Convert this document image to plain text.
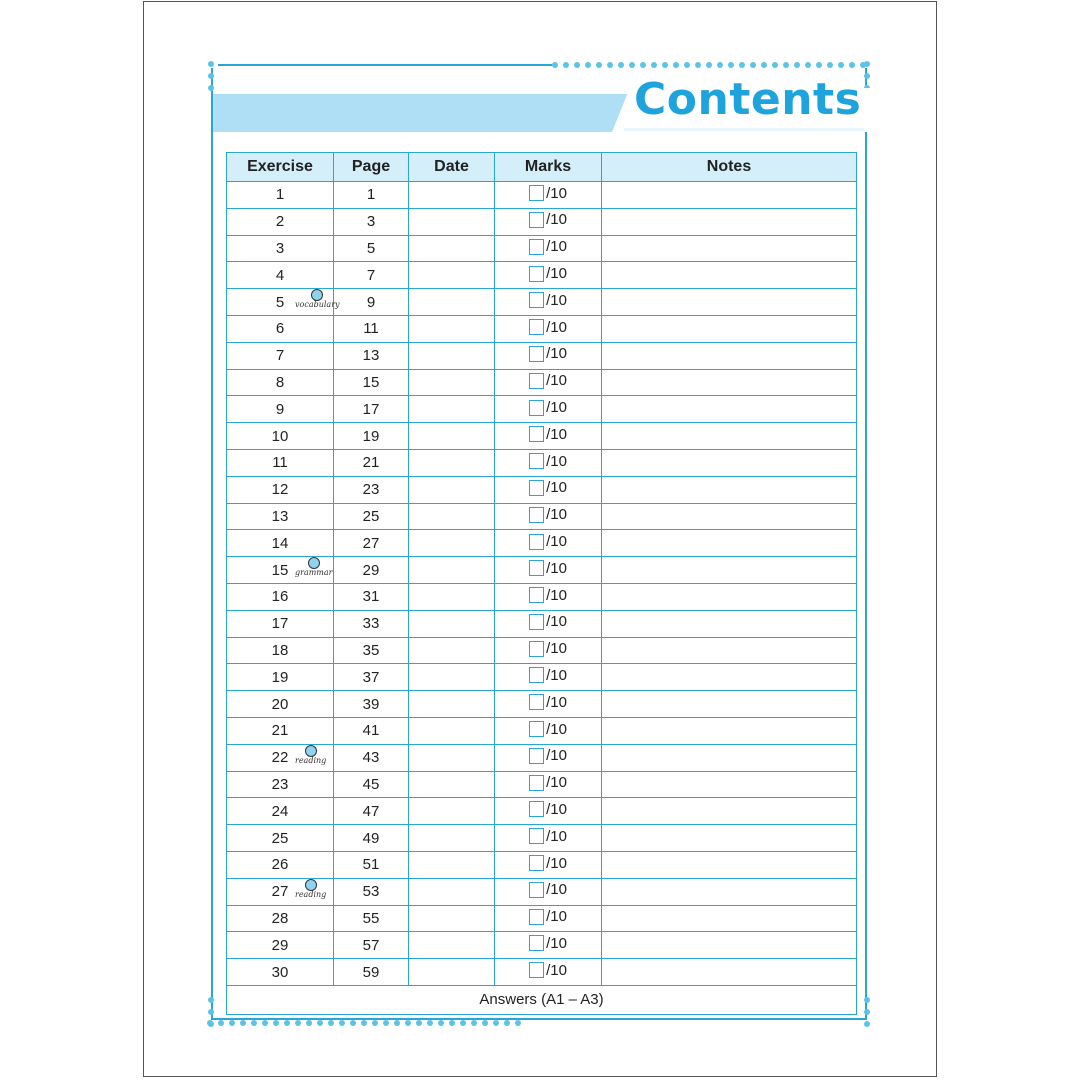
Contents
Exercise	Page	Date	Marks	Notes
1	1		/10	

2	3		/10	

3	5		/10	

4	7		/10	

5 vocabulary	9		/10	

6	11		/10	

7	13		/10	

8	15		/10	

9	17		/10	

10	19		/10	

11	21		/10	

12	23		/10	

13	25		/10	

14	27		/10	

15 grammar	29		/10	

16	31		/10	

17	33		/10	

18	35		/10	

19	37		/10	

20	39		/10	

21	41		/10	

22 reading	43		/10	

23	45		/10	

24	47		/10	

25	49		/10	

26	51		/10	

27 reading	53		/10	

28	55		/10	

29	57		/10	

30	59		/10	

Answers (A1 – A3)				
